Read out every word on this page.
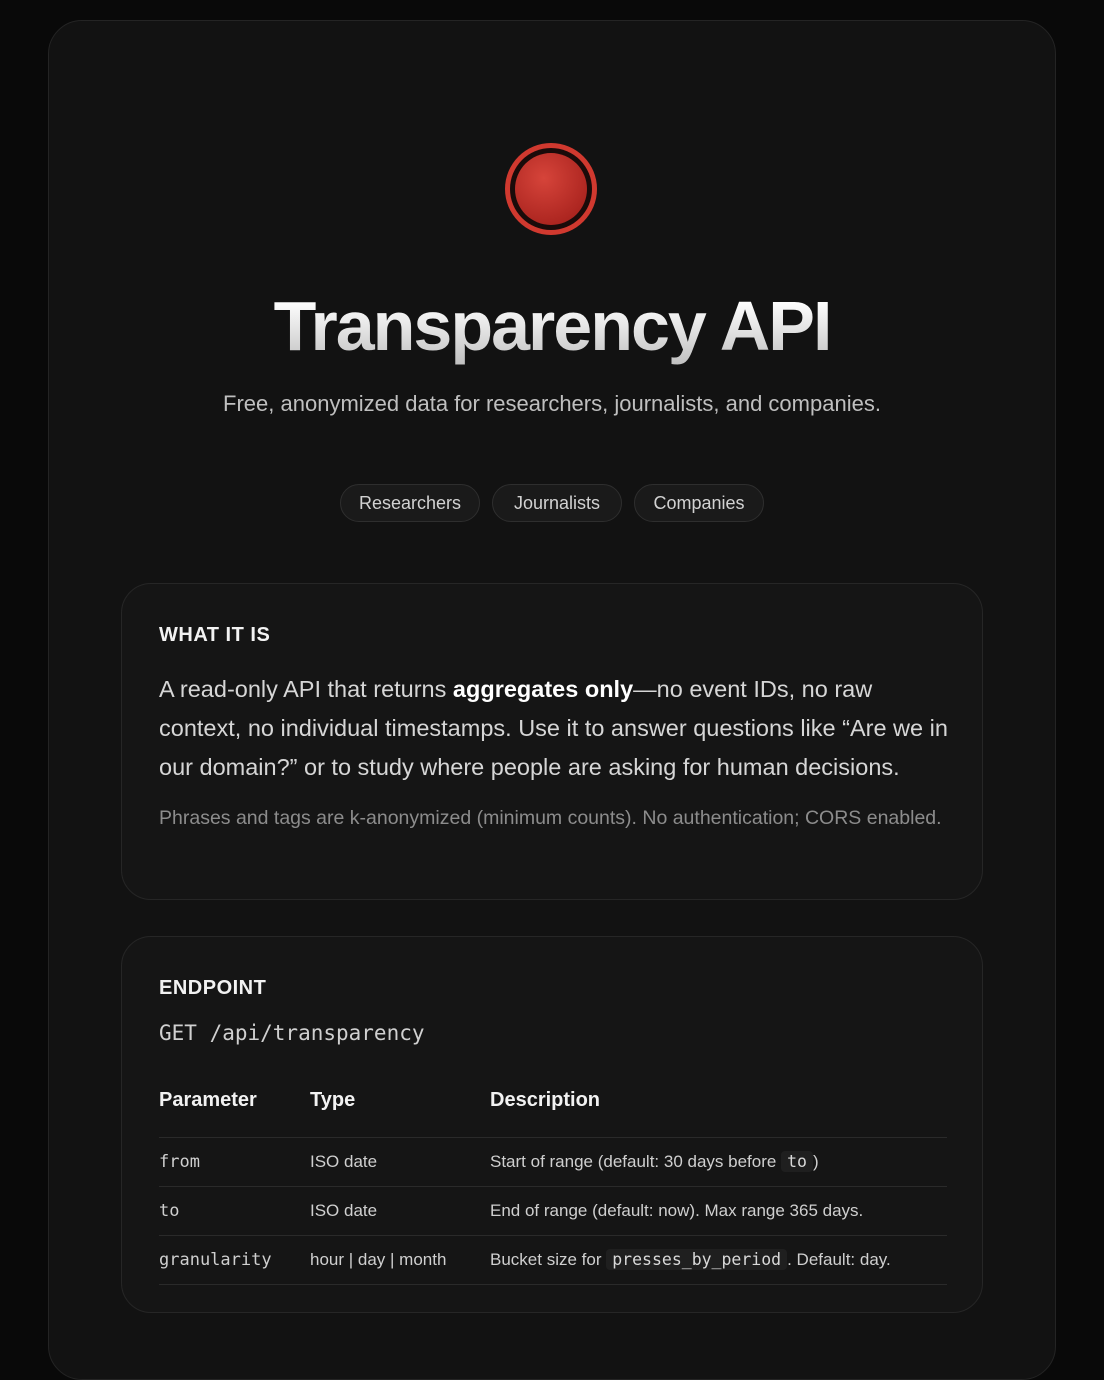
Transparency API

Free, anonymized data for researchers, journalists, and companies.

Researchers	Journalists	Companies
WHAT IT IS

A read-only API that returns aggregates only—no event IDs, no raw context, no individual timestamps. Use it to answer questions like “Are we in our domain?” or to study where people are asking for human decisions.

Phrases and tags are k-anonymized (minimum counts). No authentication; CORS enabled.

ENDPOINT
GET /api/transparency
Parameter	Type	Description
from	ISO date	Start of range (default: 30 days before to )
to	ISO date	End of range (default: now). Max range 365 days.
granularity	hour | day | month	Bucket size for presses_by_period . Default: day.
